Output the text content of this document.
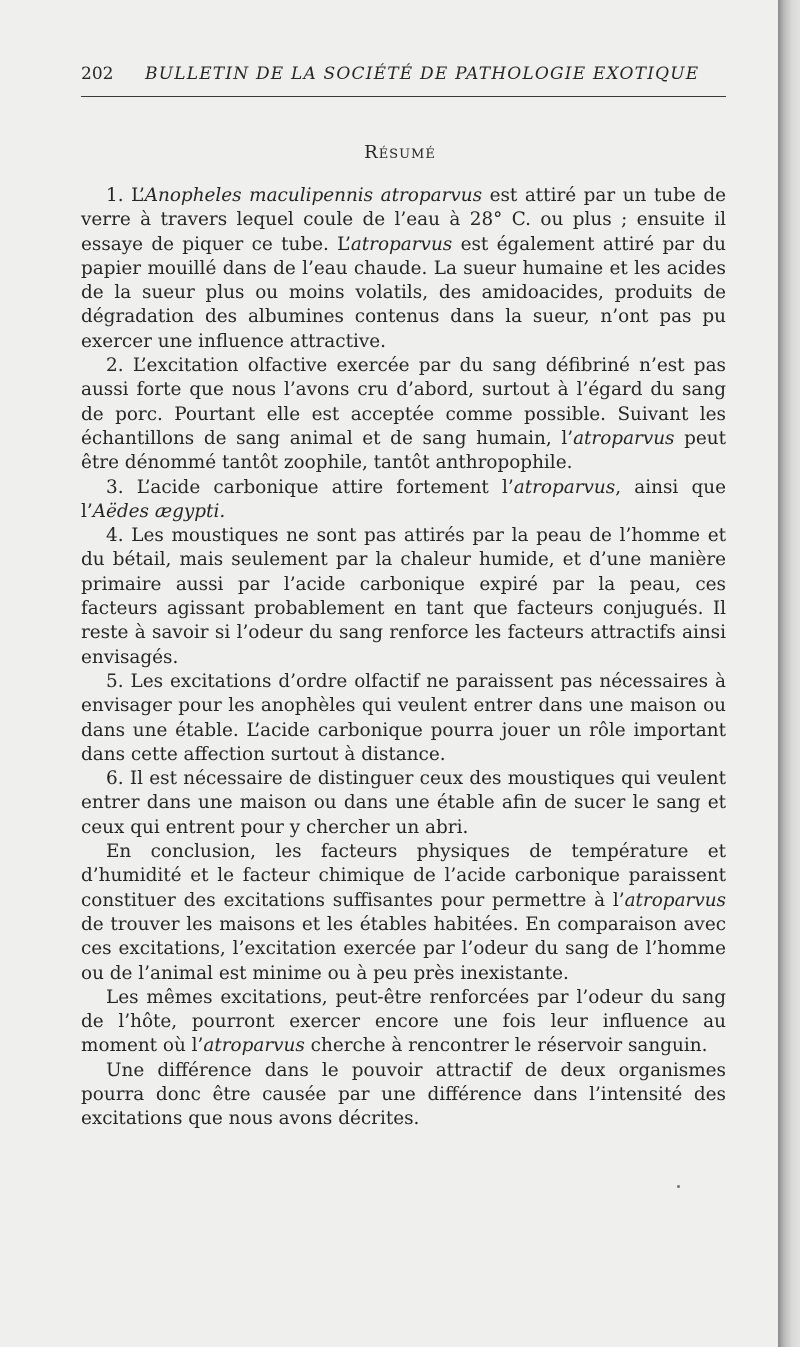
202 BULLETIN DE LA SOCIÉTÉ DE PATHOLOGIE EXOTIQUE
Résumé

1. L’Anopheles maculipennis atroparvus est attiré par un tube de verre à travers lequel coule de l’eau à 28° C. ou plus ; ensuite il essaye de piquer ce tube. L’atroparvus est également attiré par du papier mouillé dans de l’eau chaude. La sueur humaine et les acides de la sueur plus ou moins volatils, des amidoacides, produits de dégradation des albumines contenus dans la sueur, n’ont pas pu exercer une influence attractive.

2. L’excitation olfactive exercée par du sang défibriné n’est pas aussi forte que nous l’avons cru d’abord, surtout à l’égard du sang de porc. Pourtant elle est acceptée comme possible. Suivant les échantillons de sang animal et de sang humain, l’atroparvus peut être dénommé tantôt zoophile, tantôt anthropophile.

3. L’acide carbonique attire fortement l’atroparvus, ainsi que l’Aëdes ægypti.

4. Les moustiques ne sont pas attirés par la peau de l’homme et du bétail, mais seulement par la chaleur humide, et d’une manière primaire aussi par l’acide carbonique expiré par la peau, ces facteurs agissant probablement en tant que facteurs conjugués. Il reste à savoir si l’odeur du sang renforce les facteurs attractifs ainsi envisagés.

5. Les excitations d’ordre olfactif ne paraissent pas nécessaires à envisager pour les anophèles qui veulent entrer dans une maison ou dans une étable. L’acide carbonique pourra jouer un rôle important dans cette affection surtout à distance.

6. Il est nécessaire de distinguer ceux des moustiques qui veulent entrer dans une maison ou dans une étable afin de sucer le sang et ceux qui entrent pour y chercher un abri.

En conclusion, les facteurs physiques de température et d’humidité et le facteur chimique de l’acide carbonique paraissent constituer des excitations suffisantes pour permettre à l’atroparvus de trouver les maisons et les étables habitées. En comparaison avec ces excitations, l’excitation exercée par l’odeur du sang de l’homme ou de l’animal est minime ou à peu près inexistante.

Les mêmes excitations, peut-être renforcées par l’odeur du sang de l’hôte, pourront exercer encore une fois leur influence au moment où l’atroparvus cherche à rencontrer le réservoir sanguin.

Une différence dans le pouvoir attractif de deux organismes pourra donc être causée par une différence dans l’intensité des excitations que nous avons décrites.
